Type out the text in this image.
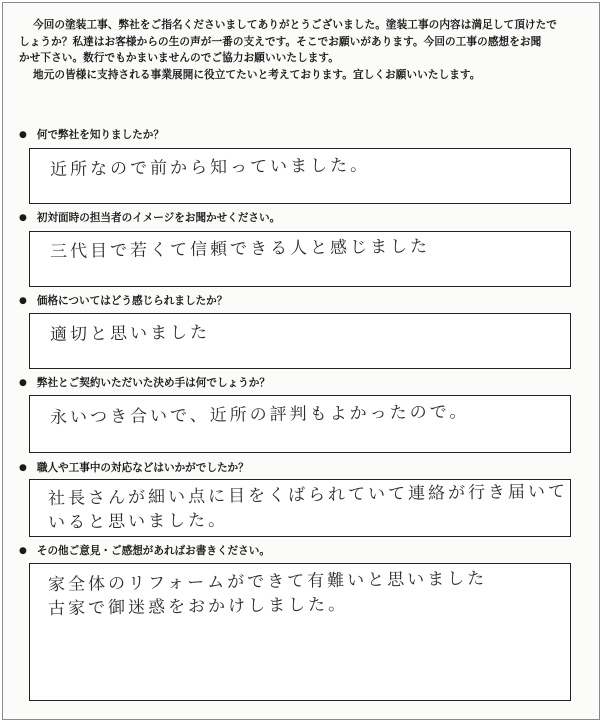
今回の塗装工事、弊社をご指名くださいましてありがとうございました。塗装工事の内容は満足して頂けたで

しょうか？私達はお客様からの生の声が一番の支えです。そこでお願いがあります。今回の工事の感想をお聞

かせ下さい。数行でもかまいませんのでご協力お願いいたします。

地元の皆様に支持される事業展開に役立てたいと考えております。宜しくお願いいたします。

● 何で弊社を知りましたか？
近所なので前から知っていました。
● 初対面時の担当者のイメージをお聞かせください。
三代目で若くて信頼できる人と感じました
● 価格についてはどう感じられましたか？
適切と思いました
● 弊社とご契約いただいた決め手は何でしょうか？
永いつき合いで、近所の評判もよかったので。
● 職人や工事中の対応などはいかがでしたか？
社長さんが細い点に目をくばられていて連絡が行き届いて
いると思いました。
● その他ご意見・ご感想があればお書きください。
家全体のリフォームができて有難いと思いました
古家で御迷惑をおかけしました。
